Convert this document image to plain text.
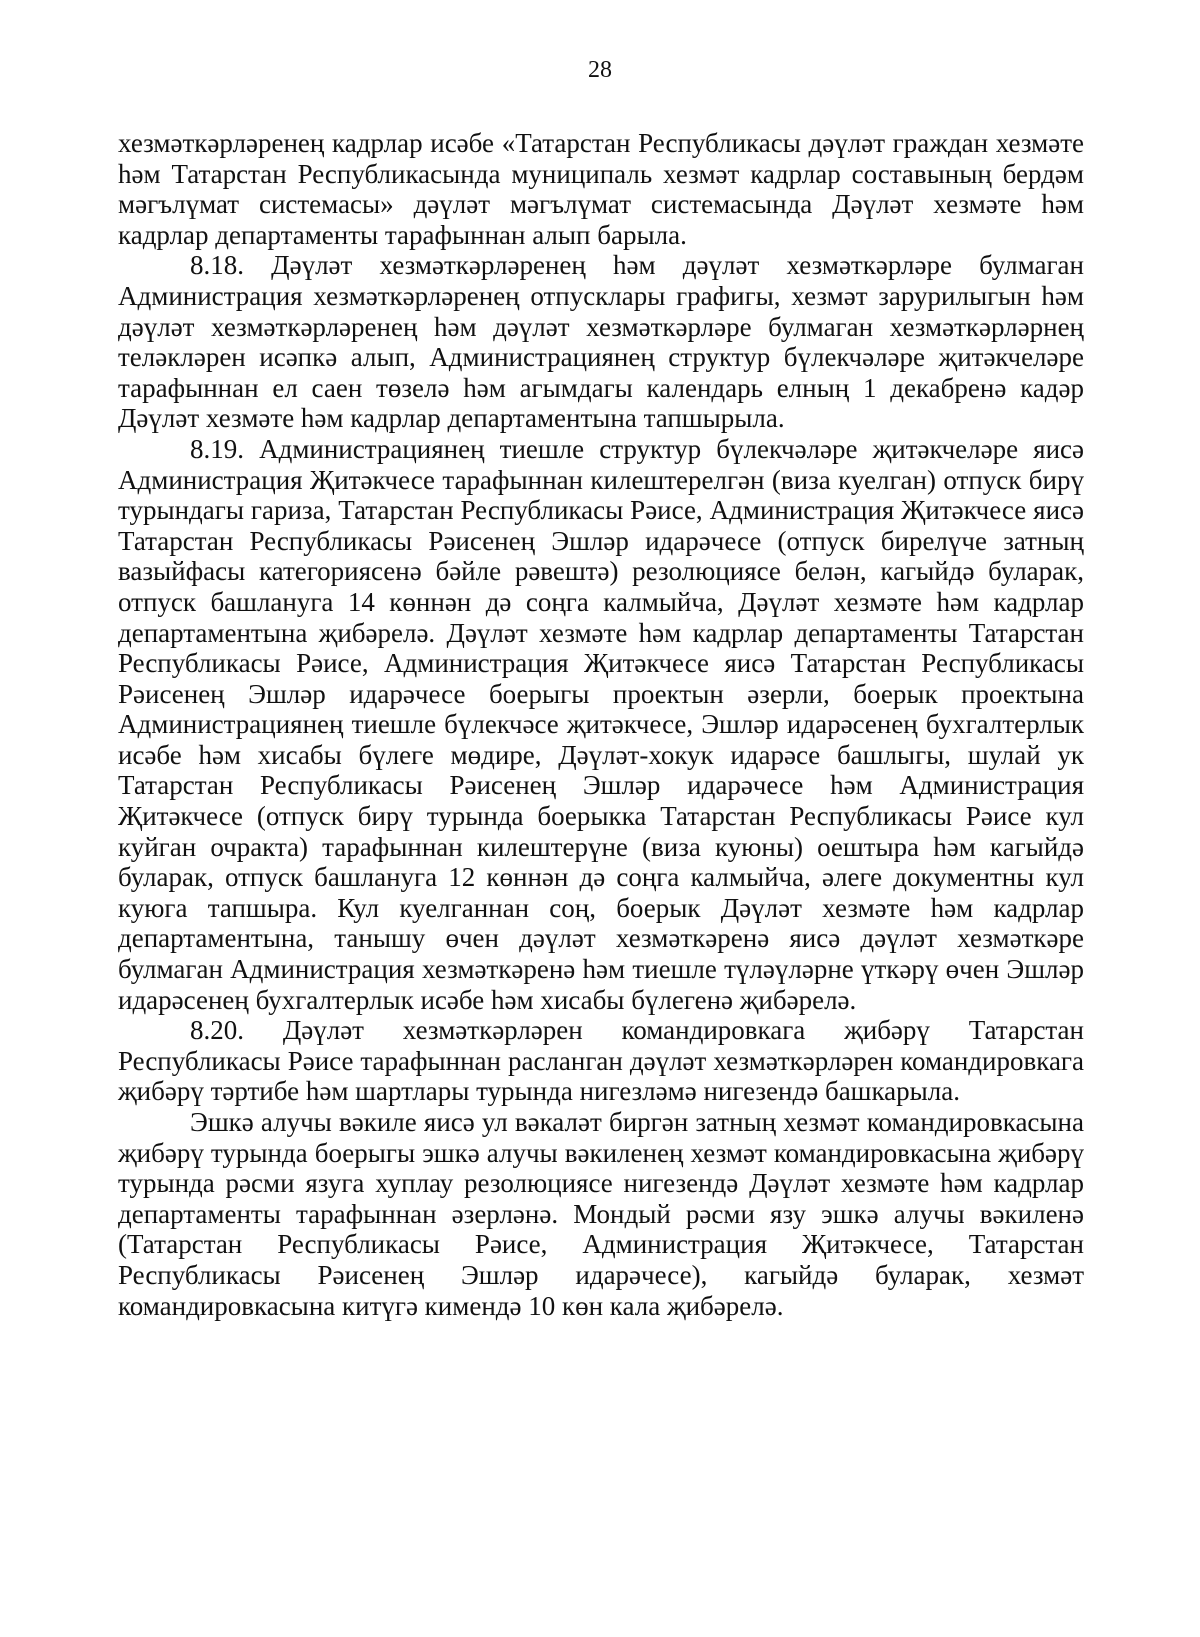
28

хезмәткәрләренең кадрлар исәбе «Татарстан Республикасы дәүләт граждан хезмәте һәм Татарстан Республикасында муниципаль хезмәт кадрлар составының бердәм мәгълүмат системасы» дәүләт мәгълүмат системасында Дәүләт хезмәте һәм кадрлар департаменты тарафыннан алып барыла.

8.18. Дәүләт хезмәткәрләренең һәм дәүләт хезмәткәрләре булмаган Администрация хезмәткәрләренең отпусклары графигы, хезмәт зарурилыгын һәм дәүләт хезмәткәрләренең һәм дәүләт хезмәткәрләре булмаган хезмәткәрләрнең теләкләрен исәпкә алып, Администрациянең структур бүлекчәләре җитәкчеләре тарафыннан ел саен төзелә һәм агымдагы календарь елның 1 декабренә кадәр Дәүләт хезмәте һәм кадрлар департаментына тапшырыла.

8.19. Администрациянең тиешле структур бүлекчәләре җитәкчеләре яисә Администрация Җитәкчесе тарафыннан килештерелгән (виза куелган) отпуск бирү турындагы гариза, Татарстан Республикасы Рәисе, Администрация Җитәкчесе яисә Татарстан Республикасы Рәисенең Эшләр идарәчесе (отпуск бирелүче затның вазыйфасы категориясенә бәйле рәвештә) резолюциясе белән, кагыйдә буларак, отпуск башлануга 14 көннән дә соңга калмыйча, Дәүләт хезмәте һәм кадрлар департаментына җибәрелә. Дәүләт хезмәте һәм кадрлар департаменты Татарстан Республикасы Рәисе, Администрация Җитәкчесе яисә Татарстан Республикасы Рәисенең Эшләр идарәчесе боерыгы проектын әзерли, боерык проектына Администрациянең тиешле бүлекчәсе җитәкчесе, Эшләр идарәсенең бухгалтерлык исәбе һәм хисабы бүлеге мөдире, Дәүләт-хокук идарәсе башлыгы, шулай ук Татарстан Республикасы Рәисенең Эшләр идарәчесе һәм Администрация Җитәкчесе (отпуск бирү турында боерыкка Татарстан Республикасы Рәисе кул куйган очракта) тарафыннан килештерүне (виза куюны) оештыра һәм кагыйдә буларак, отпуск башлануга 12 көннән дә соңга калмыйча, әлеге документны кул куюга тапшыра. Кул куелганнан соң, боерык Дәүләт хезмәте һәм кадрлар департаментына, танышу өчен дәүләт хезмәткәренә яисә дәүләт хезмәткәре булмаган Администрация хезмәткәренә һәм тиешле түләүләрне үткәрү өчен Эшләр идарәсенең бухгалтерлык исәбе һәм хисабы бүлегенә җибәрелә.

8.20. Дәүләт хезмәткәрләрен командировкага җибәрү Татарстан Республикасы Рәисе тарафыннан расланган дәүләт хезмәткәрләрен командировкага җибәрү тәртибе һәм шартлары турында нигезләмә нигезендә башкарыла.

Эшкә алучы вәкиле яисә ул вәкаләт биргән затның хезмәт командировкасына җибәрү турында боерыгы эшкә алучы вәкиленең хезмәт командировкасына җибәрү турында рәсми язуга хуплау резолюциясе нигезендә Дәүләт хезмәте һәм кадрлар департаменты тарафыннан әзерләнә. Мондый рәсми язу эшкә алучы вәкиленә (Татарстан Республикасы Рәисе, Администрация Җитәкчесе, Татарстан Республикасы Рәисенең Эшләр идарәчесе), кагыйдә буларак, хезмәт командировкасына китүгә кимендә 10 көн кала җибәрелә.
